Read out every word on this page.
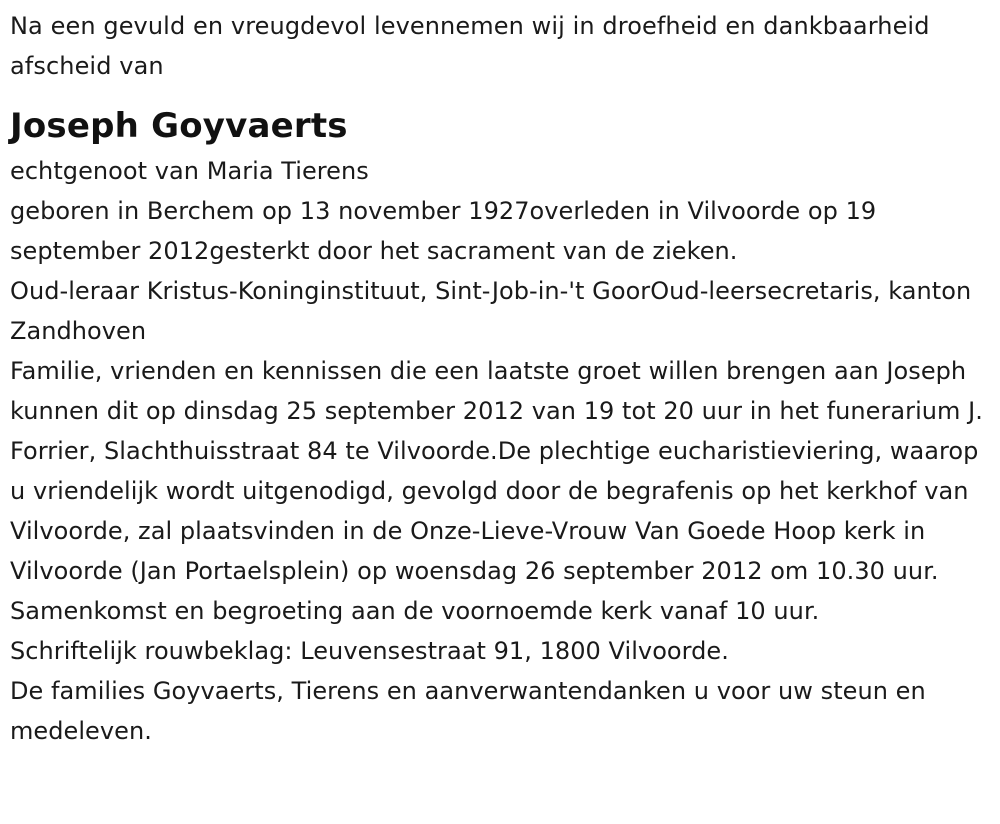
Na een gevuld en vreugdevol levennemen wij in droefheid en dankbaarheid afscheid van

Joseph Goyvaerts
echtgenoot van Maria Tierens
geboren in Berchem op 13 november 1927overleden in Vilvoorde op 19 september 2012gesterkt door het sacrament van de zieken.
Oud-leraar Kristus-Koninginstituut, Sint-Job-in-'t GoorOud-leersecretaris, kanton Zandhoven
Familie, vrienden en kennissen die een laatste groet willen brengen aan Joseph kunnen dit op dinsdag 25 september 2012 van 19 tot 20 uur in het funerarium J. Forrier, Slachthuisstraat 84 te Vilvoorde.De plechtige eucharistieviering, waarop u vriendelijk wordt uitgenodigd, gevolgd door de begrafenis op het kerkhof van Vilvoorde, zal plaatsvinden in de Onze-Lieve-Vrouw Van Goede Hoop kerk in Vilvoorde (Jan Portaelsplein) op woensdag 26 september 2012 om 10.30 uur.
Samenkomst en begroeting aan de voornoemde kerk vanaf 10 uur.
Schriftelijk rouwbeklag: Leuvensestraat 91, 1800 Vilvoorde.
De families Goyvaerts, Tierens en aanverwantendanken u voor uw steun en medeleven.
